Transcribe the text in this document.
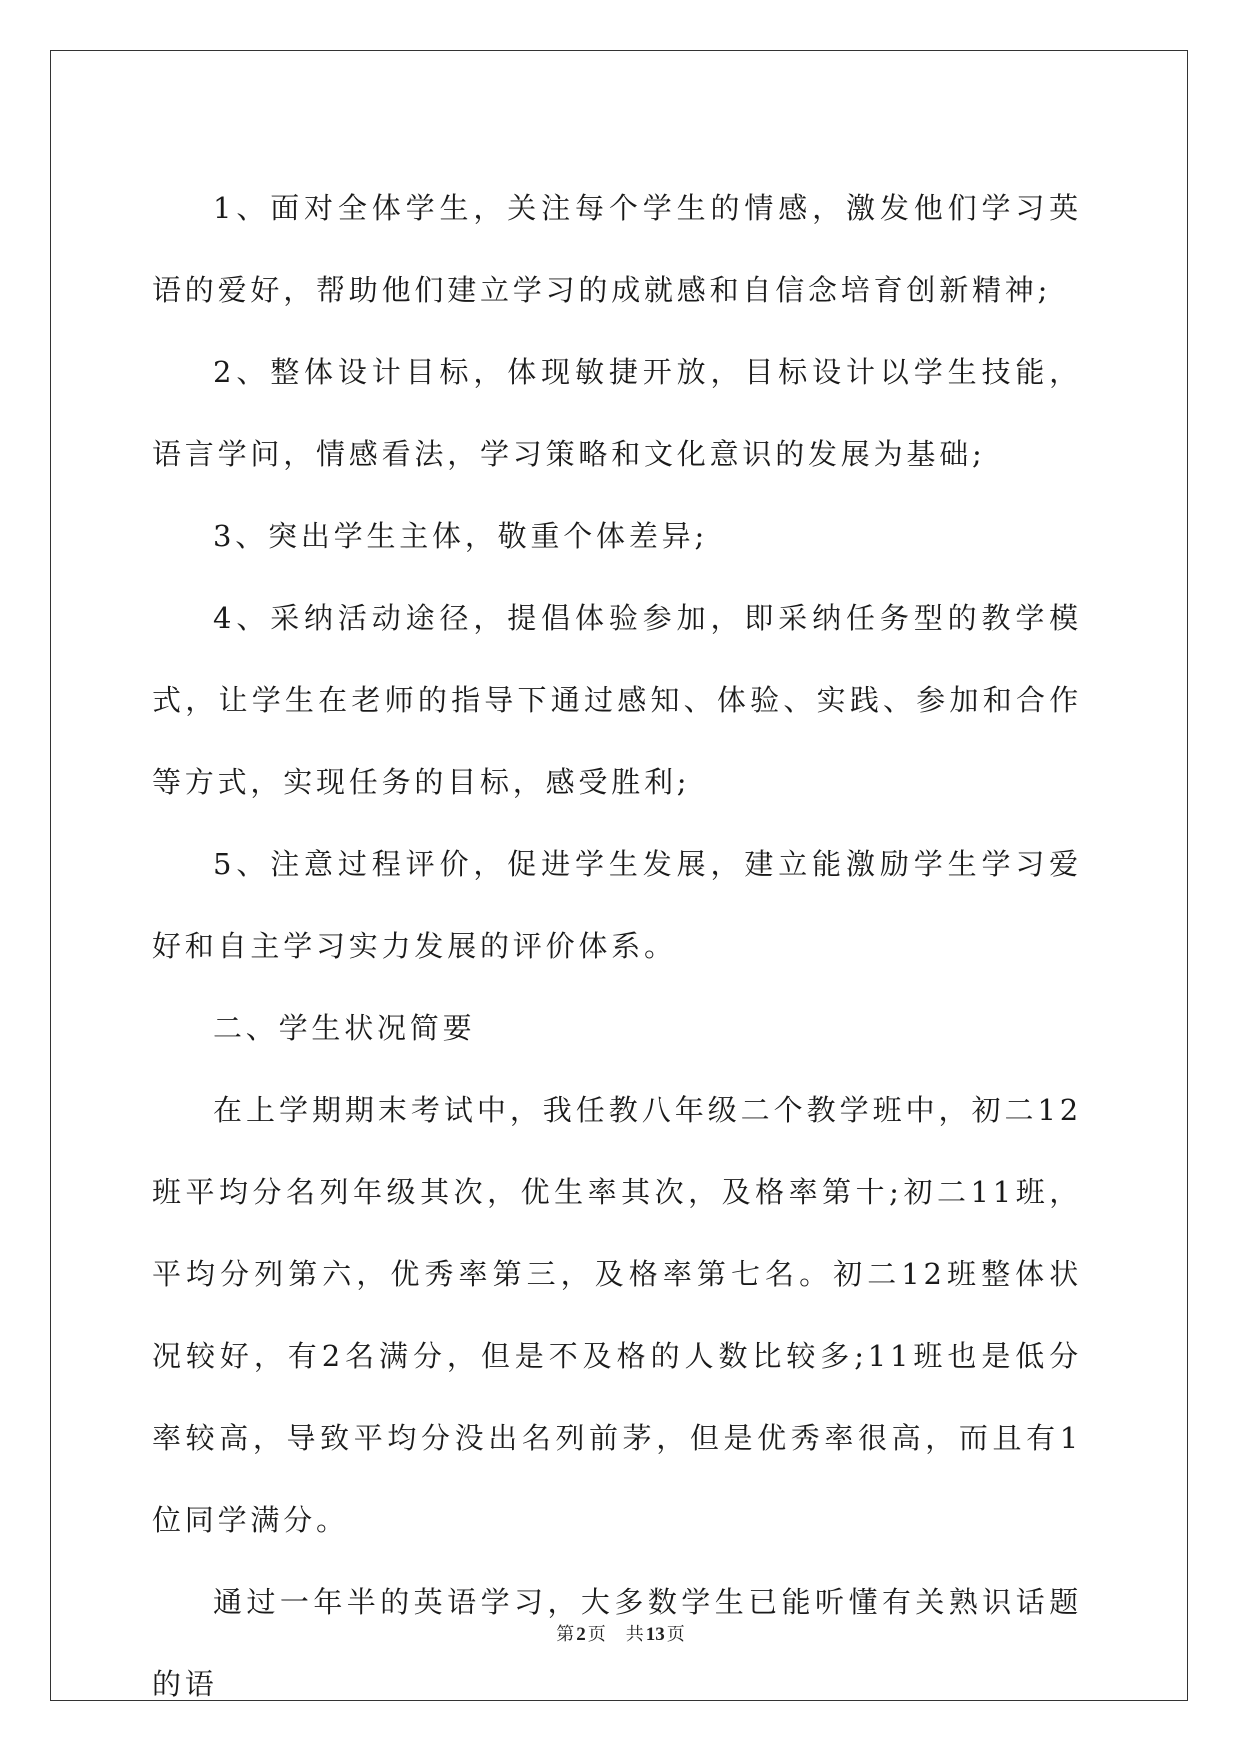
1、面对全体学生，关注每个学生的情感，激发他们学习英语的爱好，帮助他们建立学习的成就感和自信念培育创新精神;

2、整体设计目标，体现敏捷开放，目标设计以学生技能，语言学问，情感看法，学习策略和文化意识的发展为基础;

3、突出学生主体，敬重个体差异;

4、采纳活动途径，提倡体验参加，即采纳任务型的教学模式，让学生在老师的指导下通过感知、体验、实践、参加和合作等方式，实现任务的目标，感受胜利;

5、注意过程评价，促进学生发展，建立能激励学生学习爱好和自主学习实力发展的评价体系。

二、学生状况简要

在上学期期末考试中，我任教八年级二个教学班中，初二12班平均分名列年级其次，优生率其次，及格率第十;初二11班，平均分列第六，优秀率第三，及格率第七名。初二12班整体状况较好，有2名满分，但是不及格的人数比较多;11班也是低分率较高，导致平均分没出名列前茅，但是优秀率很高，而且有1位同学满分。

通过一年半的英语学习，大多数学生已能听懂有关熟识话题的语

第 2 页 共 13 页
